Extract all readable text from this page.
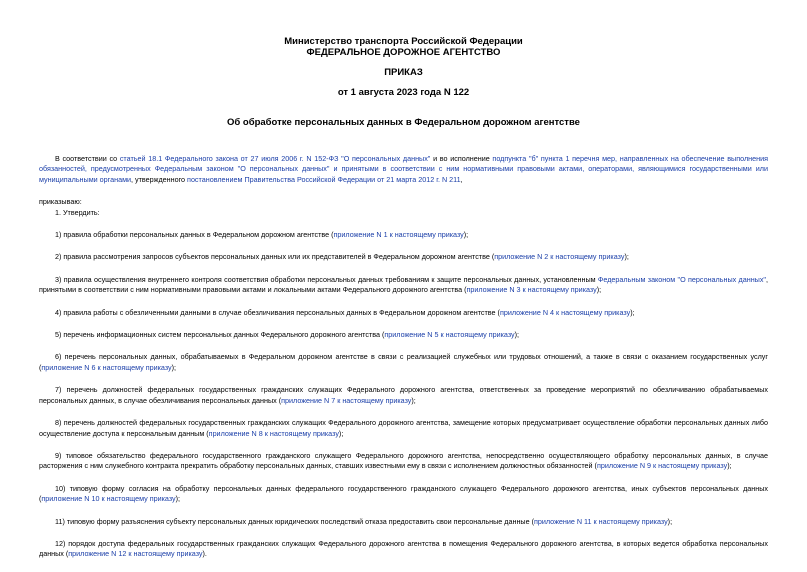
Министерство транспорта Российской Федерации
ФЕДЕРАЛЬНОЕ ДОРОЖНОЕ АГЕНТСТВО
ПРИКАЗ
от 1 августа 2023 года N 122
Об обработке персональных данных в Федеральном дорожном агентстве

В соответствии со статьей 18.1 Федерального закона от 27 июля 2006 г. N 152-ФЗ "О персональных данных" и во исполнение подпункта "б" пункта 1 перечня мер, направленных на обеспечение выполнения обязанностей, предусмотренных Федеральным законом "О персональных данных" и принятыми в соответствии с ним нормативными правовыми актами, операторами, являющимися государственными или муниципальными органами, утвержденного постановлением Правительства Российской Федерации от 21 марта 2012 г. N 211,

приказываю:

1. Утвердить:

1) правила обработки персональных данных в Федеральном дорожном агентстве (приложение N 1 к настоящему приказу);

2) правила рассмотрения запросов субъектов персональных данных или их представителей в Федеральном дорожном агентстве (приложение N 2 к настоящему приказу);

3) правила осуществления внутреннего контроля соответствия обработки персональных данных требованиям к защите персональных данных, установленным Федеральным законом "О персональных данных", принятыми в соответствии с ним нормативными правовыми актами и локальными актами Федерального дорожного агентства (приложение N 3 к настоящему приказу);

4) правила работы с обезличенными данными в случае обезличивания персональных данных в Федеральном дорожном агентстве (приложение N 4 к настоящему приказу);

5) перечень информационных систем персональных данных Федерального дорожного агентства (приложение N 5 к настоящему приказу);

6) перечень персональных данных, обрабатываемых в Федеральном дорожном агентстве в связи с реализацией служебных или трудовых отношений, а также в связи с оказанием государственных услуг (приложение N 6 к настоящему приказу);

7) перечень должностей федеральных государственных гражданских служащих Федерального дорожного агентства, ответственных за проведение мероприятий по обезличиванию обрабатываемых персональных данных, в случае обезличивания персональных данных (приложение N 7 к настоящему приказу);

8) перечень должностей федеральных государственных гражданских служащих Федерального дорожного агентства, замещение которых предусматривает осуществление обработки персональных данных либо осуществление доступа к персональным данным (приложение N 8 к настоящему приказу);

9) типовое обязательство федерального государственного гражданского служащего Федерального дорожного агентства, непосредственно осуществляющего обработку персональных данных, в случае расторжения с ним служебного контракта прекратить обработку персональных данных, ставших известными ему в связи с исполнением должностных обязанностей (приложение N 9 к настоящему приказу);

10) типовую форму согласия на обработку персональных данных федерального государственного гражданского служащего Федерального дорожного агентства, иных субъектов персональных данных (приложение N 10 к настоящему приказу);

11) типовую форму разъяснения субъекту персональных данных юридических последствий отказа предоставить свои персональные данные (приложение N 11 к настоящему приказу);

12) порядок доступа федеральных государственных гражданских служащих Федерального дорожного агентства в помещения Федерального дорожного агентства, в которых ведется обработка персональных данных (приложение N 12 к настоящему приказу).
